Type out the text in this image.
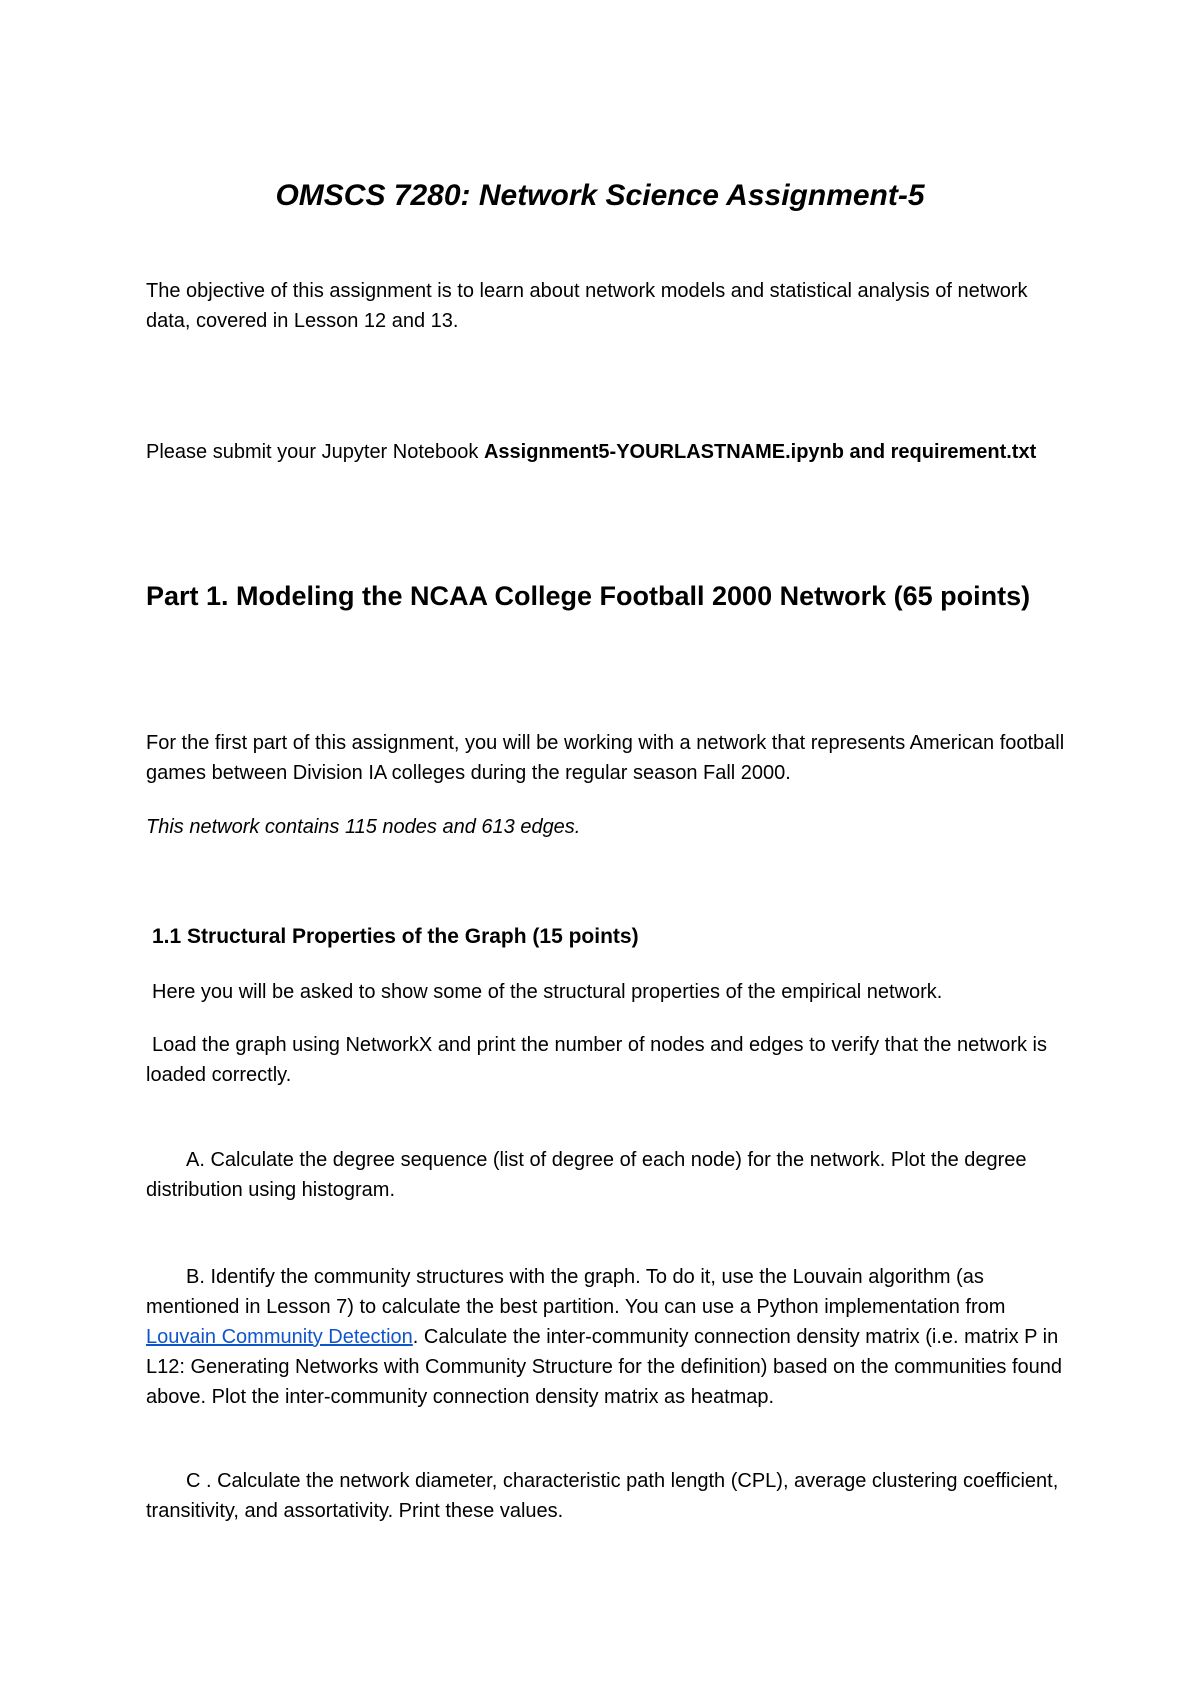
OMSCS 7280: Network Science Assignment-5

The objective of this assignment is to learn about network models and statistical analysis of network data, covered in Lesson 12 and 13.

Please submit your Jupyter Notebook Assignment5-YOURLASTNAME.ipynb and requirement.txt

Part 1. Modeling the NCAA College Football 2000 Network (65 points)

For the first part of this assignment, you will be working with a network that represents American football games between Division IA colleges during the regular season Fall 2000.

This network contains 115 nodes and 613 edges.

1.1 Structural Properties of the Graph (15 points)

Here you will be asked to show some of the structural properties of the empirical network.

Load the graph using NetworkX and print the number of nodes and edges to verify that the network is loaded correctly.

A. Calculate the degree sequence (list of degree of each node) for the network. Plot the degree distribution using histogram.

B. Identify the community structures with the graph. To do it, use the Louvain algorithm (as mentioned in Lesson 7) to calculate the best partition. You can use a Python implementation from Louvain Community Detection. Calculate the inter-community connection density matrix (i.e. matrix P in L12: Generating Networks with Community Structure for the definition) based on the communities found above. Plot the inter-community connection density matrix as heatmap.

C . Calculate the network diameter, characteristic path length (CPL), average clustering coefficient, transitivity, and assortativity. Print these values.
